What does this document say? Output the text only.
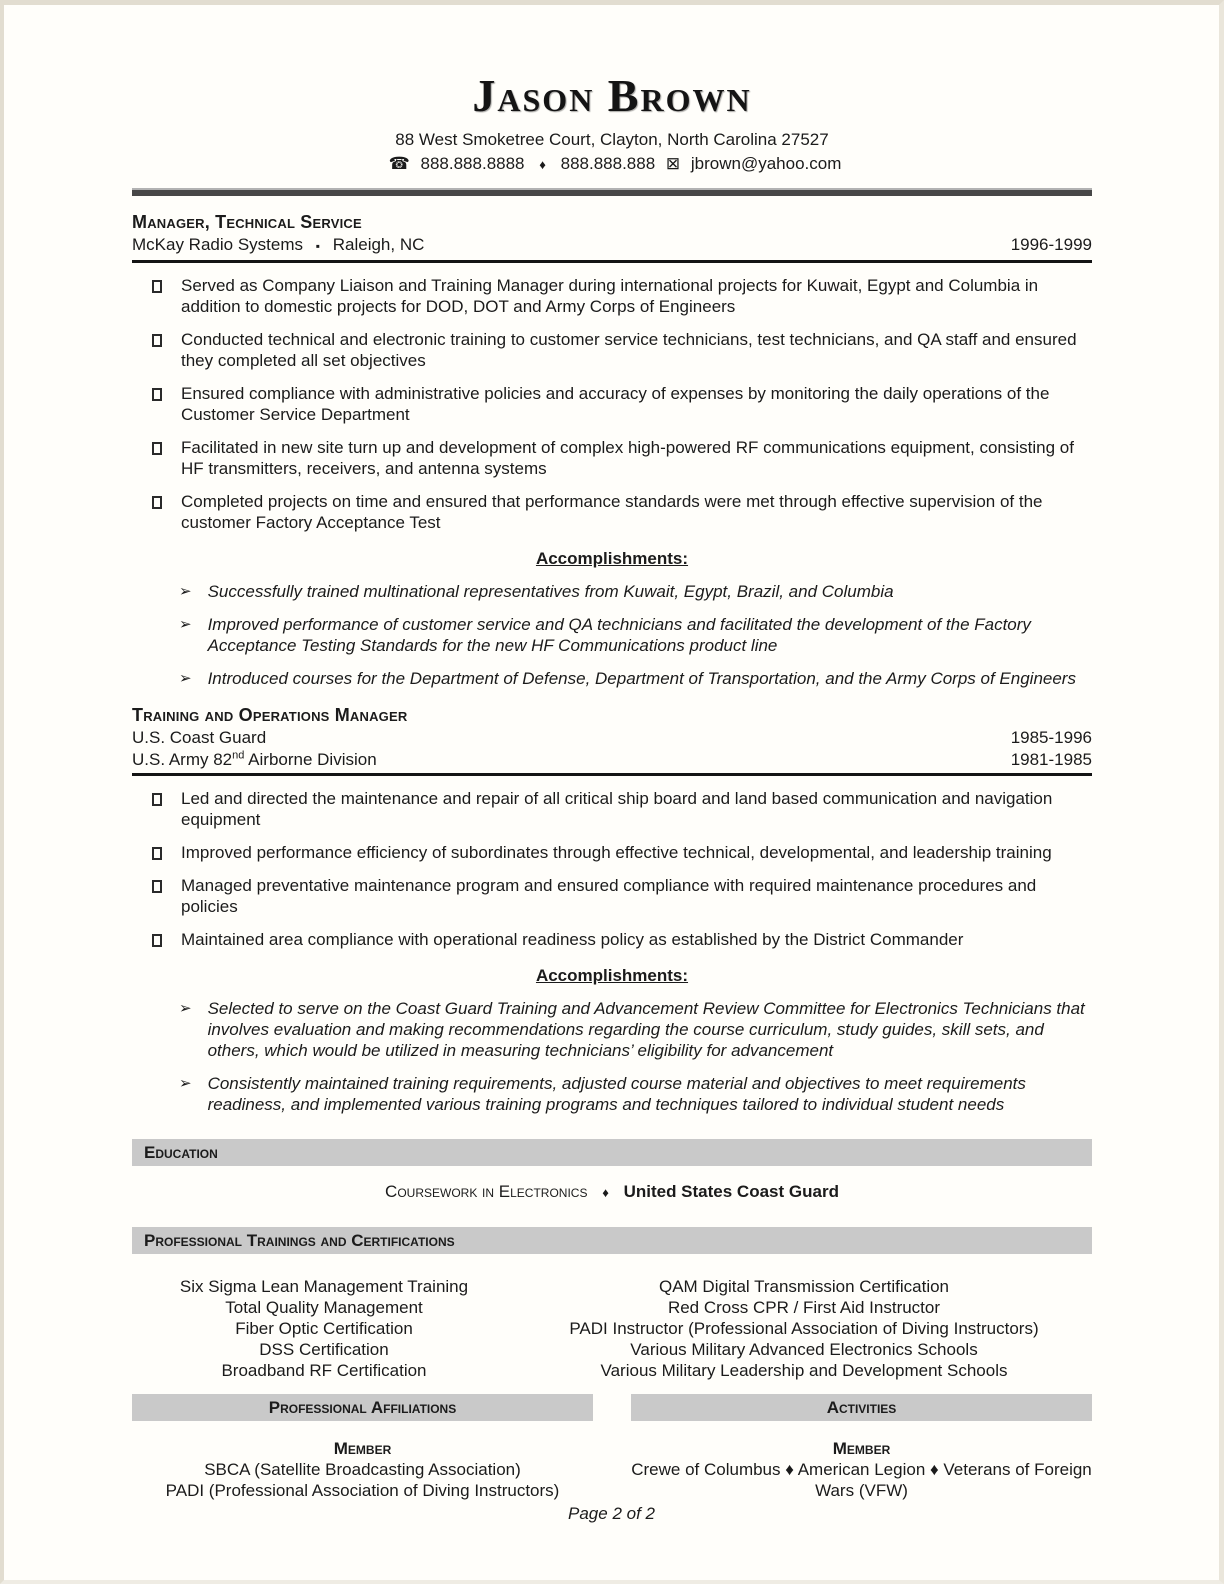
Jason Brown
88 West Smoketree Court, Clayton, North Carolina 27527
☎ 888.888.8888 ♦ 888.888.888 ⊠ jbrown@yahoo.com
Manager, Technical Service
McKay Radio Systems ▪ Raleigh, NC	1996-1999
Served as Company Liaison and Training Manager during international projects for Kuwait, Egypt and Columbia in addition to domestic projects for DOD, DOT and Army Corps of Engineers
Conducted technical and electronic training to customer service technicians, test technicians, and QA staff and ensured they completed all set objectives
Ensured compliance with administrative policies and accuracy of expenses by monitoring the daily operations of the Customer Service Department
Facilitated in new site turn up and development of complex high-powered RF communications equipment, consisting of HF transmitters, receivers, and antenna systems
Completed projects on time and ensured that performance standards were met through effective supervision of the customer Factory Acceptance Test
Accomplishments:
➢ Successfully trained multinational representatives from Kuwait, Egypt, Brazil, and Columbia
➢ Improved performance of customer service and QA technicians and facilitated the development of the Factory Acceptance Testing Standards for the new HF Communications product line
➢ Introduced courses for the Department of Defense, Department of Transportation, and the Army Corps of Engineers
Training and Operations Manager
U.S. Coast Guard	1985-1996
U.S. Army 82nd Airborne Division	1981-1985
Led and directed the maintenance and repair of all critical ship board and land based communication and navigation equipment
Improved performance efficiency of subordinates through effective technical, developmental, and leadership training
Managed preventative maintenance program and ensured compliance with required maintenance procedures and policies
Maintained area compliance with operational readiness policy as established by the District Commander
Accomplishments:
➢ Selected to serve on the Coast Guard Training and Advancement Review Committee for Electronics Technicians that involves evaluation and making recommendations regarding the course curriculum, study guides, skill sets, and others, which would be utilized in measuring technicians’ eligibility for advancement
➢ Consistently maintained training requirements, adjusted course material and objectives to meet requirements readiness, and implemented various training programs and techniques tailored to individual student needs
Education
Coursework in Electronics ♦ United States Coast Guard
Professional Trainings and Certifications
Six Sigma Lean Management Training
Total Quality Management
Fiber Optic Certification
DSS Certification
Broadband RF Certification
QAM Digital Transmission Certification
Red Cross CPR / First Aid Instructor
PADI Instructor (Professional Association of Diving Instructors)
Various Military Advanced Electronics Schools
Various Military Leadership and Development Schools
Professional Affiliations
Member
SBCA (Satellite Broadcasting Association)
PADI (Professional Association of Diving Instructors)
Activities
Member
Crewe of Columbus ♦ American Legion ♦ Veterans of Foreign Wars (VFW)
Page 2 of 2
